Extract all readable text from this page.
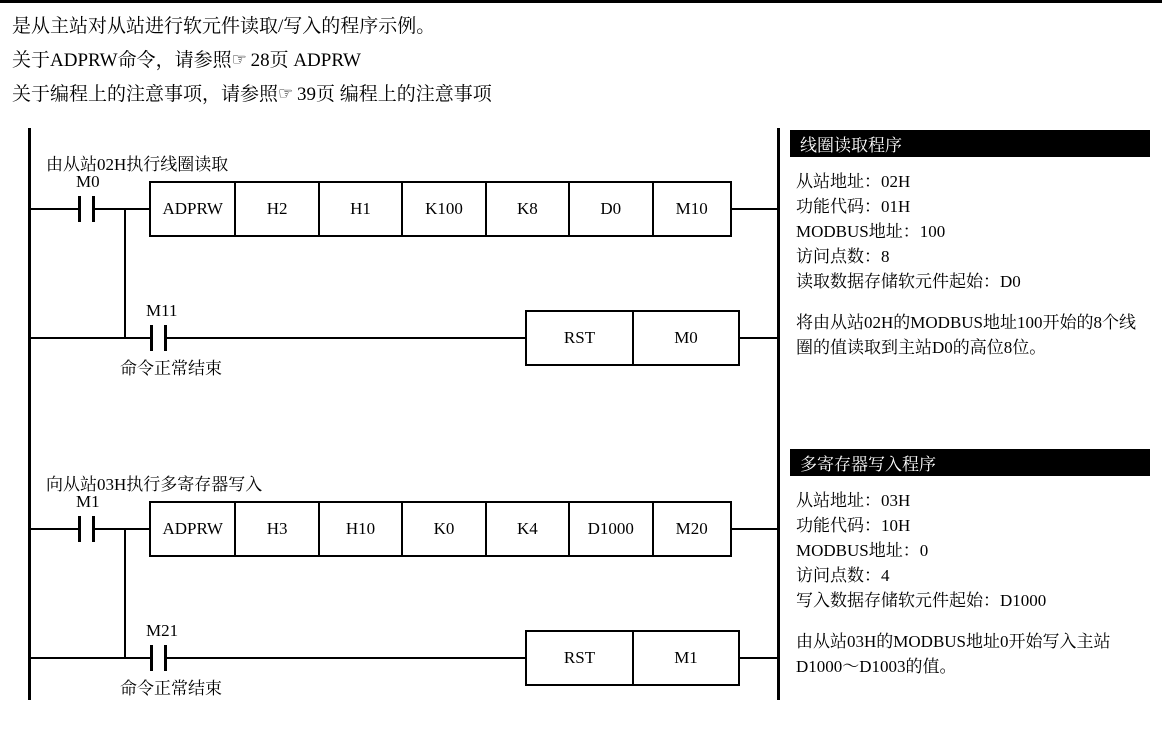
是从主站对从站进行软元件读取/写入的程序示例。

关于ADPRW命令，请参照☞ 28页 ADPRW

关于编程上的注意事项，请参照☞ 39页 编程上的注意事项

由从站02H执行线圈读取
M0
ADPRW	H2	H1	K100	K8	D0	M10
M11
命令正常结束
RST	M0
向从站03H执行多寄存器写入
M1
ADPRW	H3	H10	K0	K4	D1000	M20
M21
命令正常结束
RST	M1
线圈读取程序
从站地址：02H
功能代码：01H
MODBUS地址：100
访问点数：8
读取数据存储软元件起始：D0
将由从站02H的MODBUS地址100开始的8个线圈的值读取到主站D0的高位8位。
多寄存器写入程序
从站地址：03H
功能代码：10H
MODBUS地址：0
访问点数：4
写入数据存储软元件起始：D1000
由从站03H的MODBUS地址0开始写入主站D1000～D1003的值。
